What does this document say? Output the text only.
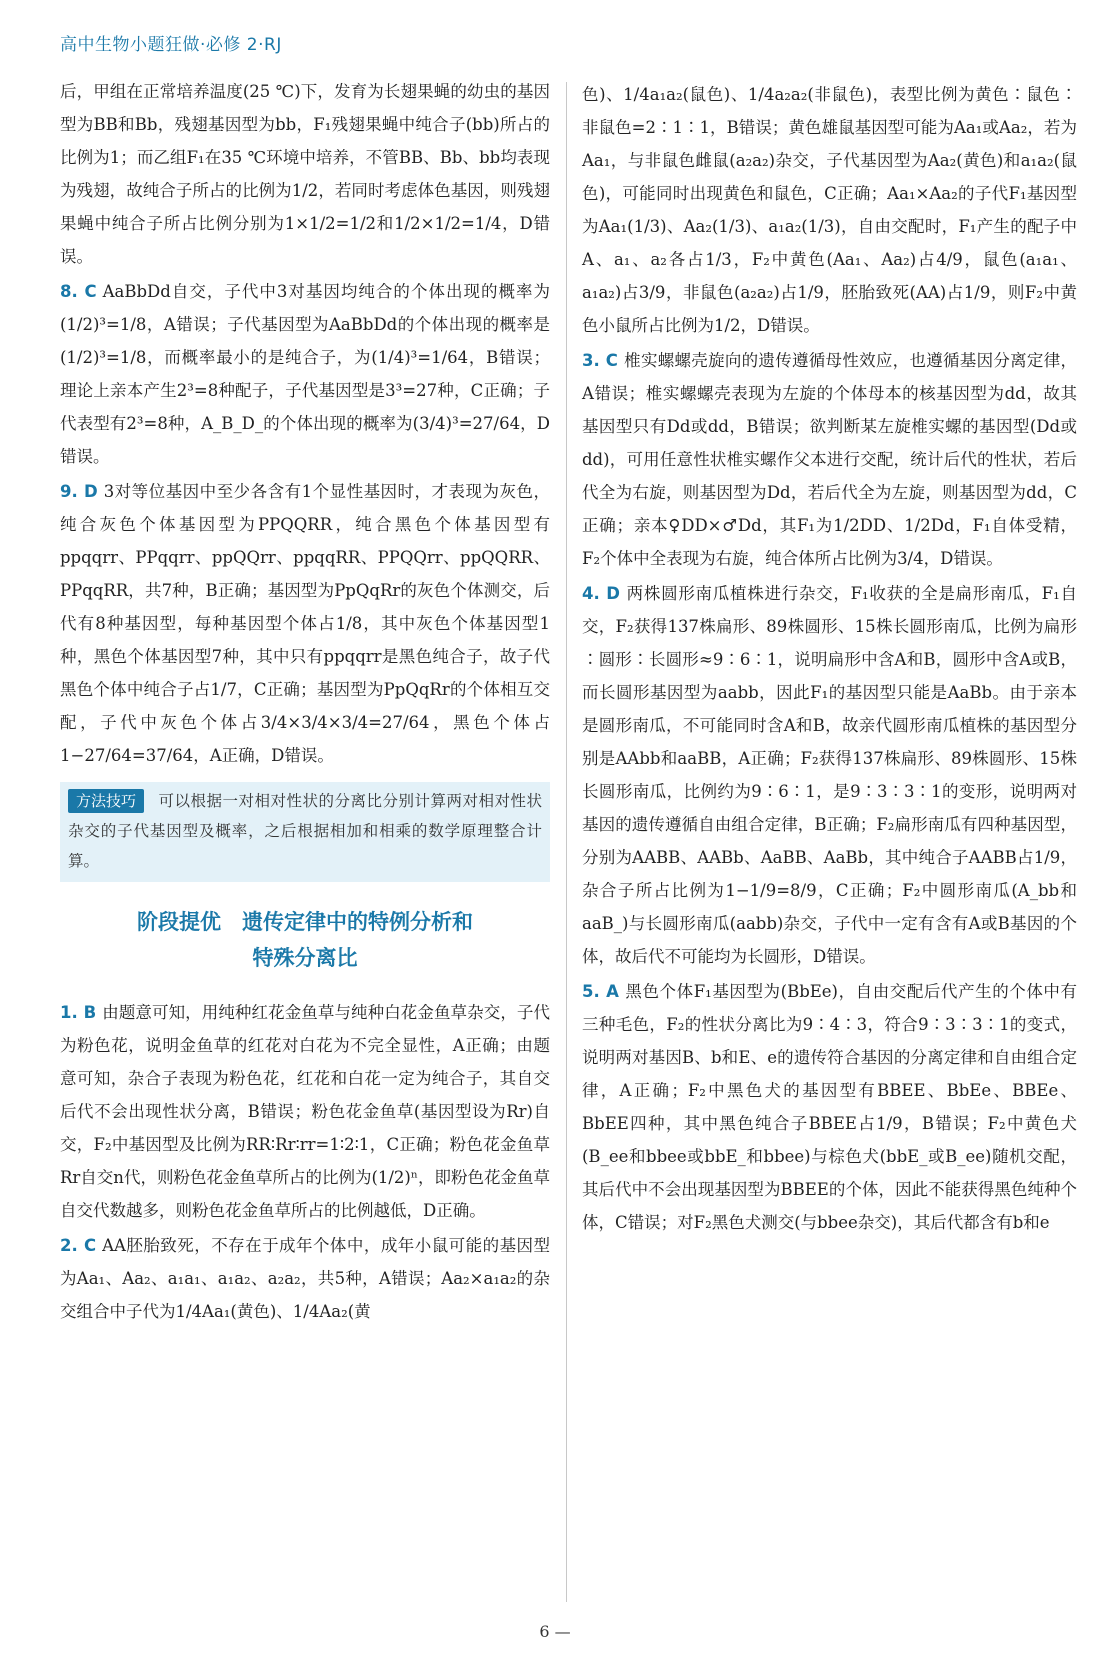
高中生物小题狂做·必修 2·RJ

后，甲组在正常培养温度(25 ℃)下，发育为长翅果蝇的幼虫的基因型为BB和Bb，残翅基因型为bb，F₁残翅果蝇中纯合子(bb)所占的比例为1；而乙组F₁在35 ℃环境中培养，不管BB、Bb、bb均表现为残翅，故纯合子所占的比例为1/2，若同时考虑体色基因，则残翅果蝇中纯合子所占比例分别为1×1/2=1/2和1/2×1/2=1/4，D错误。

8. C AaBbDd自交，子代中3对基因均纯合的个体出现的概率为(1/2)³=1/8，A错误；子代基因型为AaBbDd的个体出现的概率是(1/2)³=1/8，而概率最小的是纯合子，为(1/4)³=1/64，B错误；理论上亲本产生2³=8种配子，子代基因型是3³=27种，C正确；子代表型有2³=8种，A_B_D_的个体出现的概率为(3/4)³=27/64，D错误。

9. D 3对等位基因中至少各含有1个显性基因时，才表现为灰色，纯合灰色个体基因型为PPQQRR，纯合黑色个体基因型有ppqqrr、PPqqrr、ppQQrr、ppqqRR、PPQQrr、ppQQRR、PPqqRR，共7种，B正确；基因型为PpQqRr的灰色个体测交，后代有8种基因型，每种基因型个体占1/8，其中灰色个体基因型1种，黑色个体基因型7种，其中只有ppqqrr是黑色纯合子，故子代黑色个体中纯合子占1/7，C正确；基因型为PpQqRr的个体相互交配，子代中灰色个体占3/4×3/4×3/4=27/64，黑色个体占1−27/64=37/64，A正确，D错误。

方法技巧 可以根据一对相对性状的分离比分别计算两对相对性状杂交的子代基因型及概率，之后根据相加和相乘的数学原理整合计算。
阶段提优　遗传定律中的特例分析和
特殊分离比

1. B 由题意可知，用纯种红花金鱼草与纯种白花金鱼草杂交，子代为粉色花，说明金鱼草的红花对白花为不完全显性，A正确；由题意可知，杂合子表现为粉色花，红花和白花一定为纯合子，其自交后代不会出现性状分离，B错误；粉色花金鱼草(基因型设为Rr)自交，F₂中基因型及比例为RR∶Rr∶rr=1∶2∶1，C正确；粉色花金鱼草Rr自交n代，则粉色花金鱼草所占的比例为(1/2)ⁿ，即粉色花金鱼草自交代数越多，则粉色花金鱼草所占的比例越低，D正确。

2. C AA胚胎致死，不存在于成年个体中，成年小鼠可能的基因型为Aa₁、Aa₂、a₁a₁、a₁a₂、a₂a₂，共5种，A错误；Aa₂×a₁a₂的杂交组合中子代为1/4Aa₁(黄色)、1/4Aa₂(黄

色)、1/4a₁a₂(鼠色)、1/4a₂a₂(非鼠色)，表型比例为黄色∶鼠色∶非鼠色=2∶1∶1，B错误；黄色雄鼠基因型可能为Aa₁或Aa₂，若为Aa₁，与非鼠色雌鼠(a₂a₂)杂交，子代基因型为Aa₂(黄色)和a₁a₂(鼠色)，可能同时出现黄色和鼠色，C正确；Aa₁×Aa₂的子代F₁基因型为Aa₁(1/3)、Aa₂(1/3)、a₁a₂(1/3)，自由交配时，F₁产生的配子中A、a₁、a₂各占1/3，F₂中黄色(Aa₁、Aa₂)占4/9，鼠色(a₁a₁、a₁a₂)占3/9，非鼠色(a₂a₂)占1/9，胚胎致死(AA)占1/9，则F₂中黄色小鼠所占比例为1/2，D错误。

3. C 椎实螺螺壳旋向的遗传遵循母性效应，也遵循基因分离定律，A错误；椎实螺螺壳表现为左旋的个体母本的核基因型为dd，故其基因型只有Dd或dd，B错误；欲判断某左旋椎实螺的基因型(Dd或dd)，可用任意性状椎实螺作父本进行交配，统计后代的性状，若后代全为右旋，则基因型为Dd，若后代全为左旋，则基因型为dd，C正确；亲本♀DD×♂Dd，其F₁为1/2DD、1/2Dd，F₁自体受精，F₂个体中全表现为右旋，纯合体所占比例为3/4，D错误。

4. D 两株圆形南瓜植株进行杂交，F₁收获的全是扁形南瓜，F₁自交，F₂获得137株扁形、89株圆形、15株长圆形南瓜，比例为扁形∶圆形∶长圆形≈9∶6∶1，说明扁形中含A和B，圆形中含A或B，而长圆形基因型为aabb，因此F₁的基因型只能是AaBb。由于亲本是圆形南瓜，不可能同时含A和B，故亲代圆形南瓜植株的基因型分别是AAbb和aaBB，A正确；F₂获得137株扁形、89株圆形、15株长圆形南瓜，比例约为9∶6∶1，是9∶3∶3∶1的变形，说明两对基因的遗传遵循自由组合定律，B正确；F₂扁形南瓜有四种基因型，分别为AABB、AABb、AaBB、AaBb，其中纯合子AABB占1/9，杂合子所占比例为1−1/9=8/9，C正确；F₂中圆形南瓜(A_bb和aaB_)与长圆形南瓜(aabb)杂交，子代中一定有含有A或B基因的个体，故后代不可能均为长圆形，D错误。

5. A 黑色个体F₁基因型为(BbEe)，自由交配后代产生的个体中有三种毛色，F₂的性状分离比为9∶4∶3，符合9∶3∶3∶1的变式，说明两对基因B、b和E、e的遗传符合基因的分离定律和自由组合定律，A正确；F₂中黑色犬的基因型有BBEE、BbEe、BBEe、BbEE四种，其中黑色纯合子BBEE占1/9，B错误；F₂中黄色犬(B_ee和bbee或bbE_和bbee)与棕色犬(bbE_或B_ee)随机交配，其后代中不会出现基因型为BBEE的个体，因此不能获得黑色纯种个体，C错误；对F₂黑色犬测交(与bbee杂交)，其后代都含有b和e

6 —
